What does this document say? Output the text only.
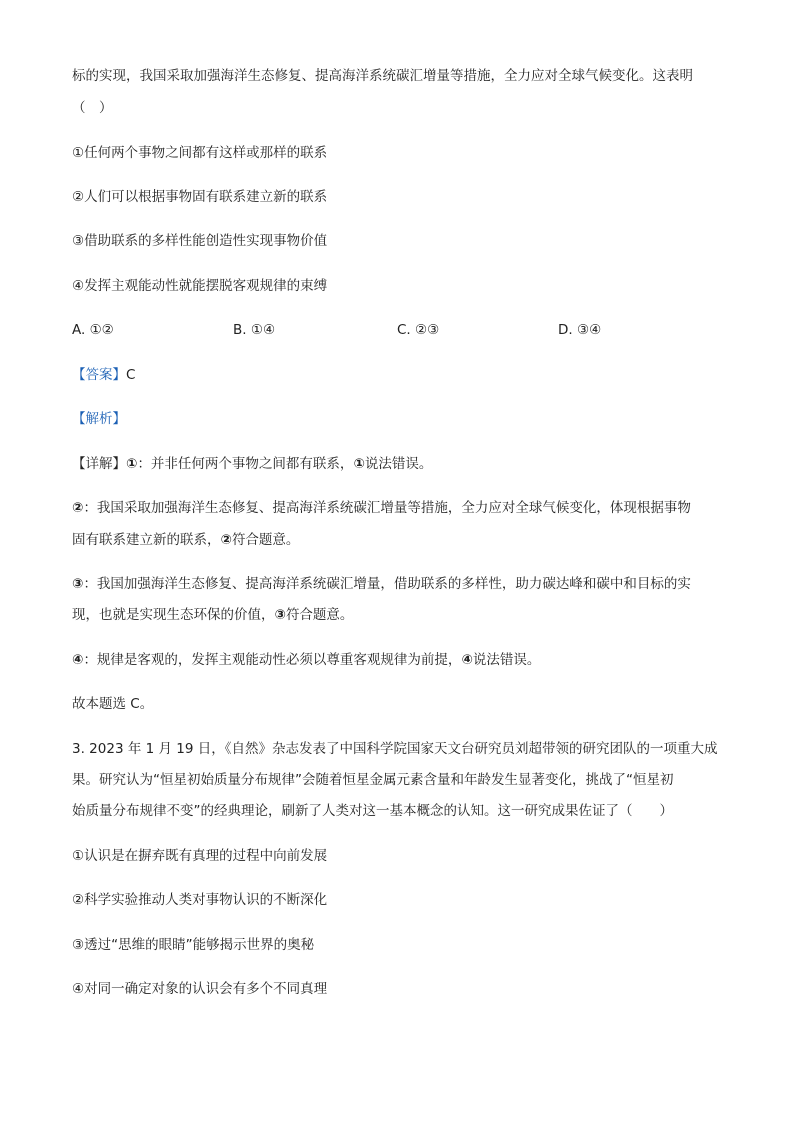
标的实现，我国采取加强海洋生态修复、提高海洋系统碳汇增量等措施，全力应对全球气候变化。这表明
（　）
①任何两个事物之间都有这样或那样的联系
②人们可以根据事物固有联系建立新的联系
③借助联系的多样性能创造性实现事物价值
④发挥主观能动性就能摆脱客观规律的束缚
A. ①②	B. ①④	C. ②③	D. ③④
【答案】C
【解析】
【详解】①：并非任何两个事物之间都有联系，①说法错误。
②：我国采取加强海洋生态修复、提高海洋系统碳汇增量等措施，全力应对全球气候变化，体现根据事物
固有联系建立新的联系，②符合题意。
③：我国加强海洋生态修复、提高海洋系统碳汇增量，借助联系的多样性，助力碳达峰和碳中和目标的实
现，也就是实现生态环保的价值，③符合题意。
④：规律是客观的，发挥主观能动性必须以尊重客观规律为前提，④说法错误。
故本题选 C。
3. 2023 年 1 月 19 日，《自然》杂志发表了中国科学院国家天文台研究员刘超带领的研究团队的一项重大成
果。研究认为“恒星初始质量分布规律”会随着恒星金属元素含量和年龄发生显著变化，挑战了“恒星初
始质量分布规律不变”的经典理论，刷新了人类对这一基本概念的认知。这一研究成果佐证了（　　）
①认识是在摒弃既有真理的过程中向前发展
②科学实验推动人类对事物认识的不断深化
③透过“思维的眼睛”能够揭示世界的奥秘
④对同一确定对象的认识会有多个不同真理
